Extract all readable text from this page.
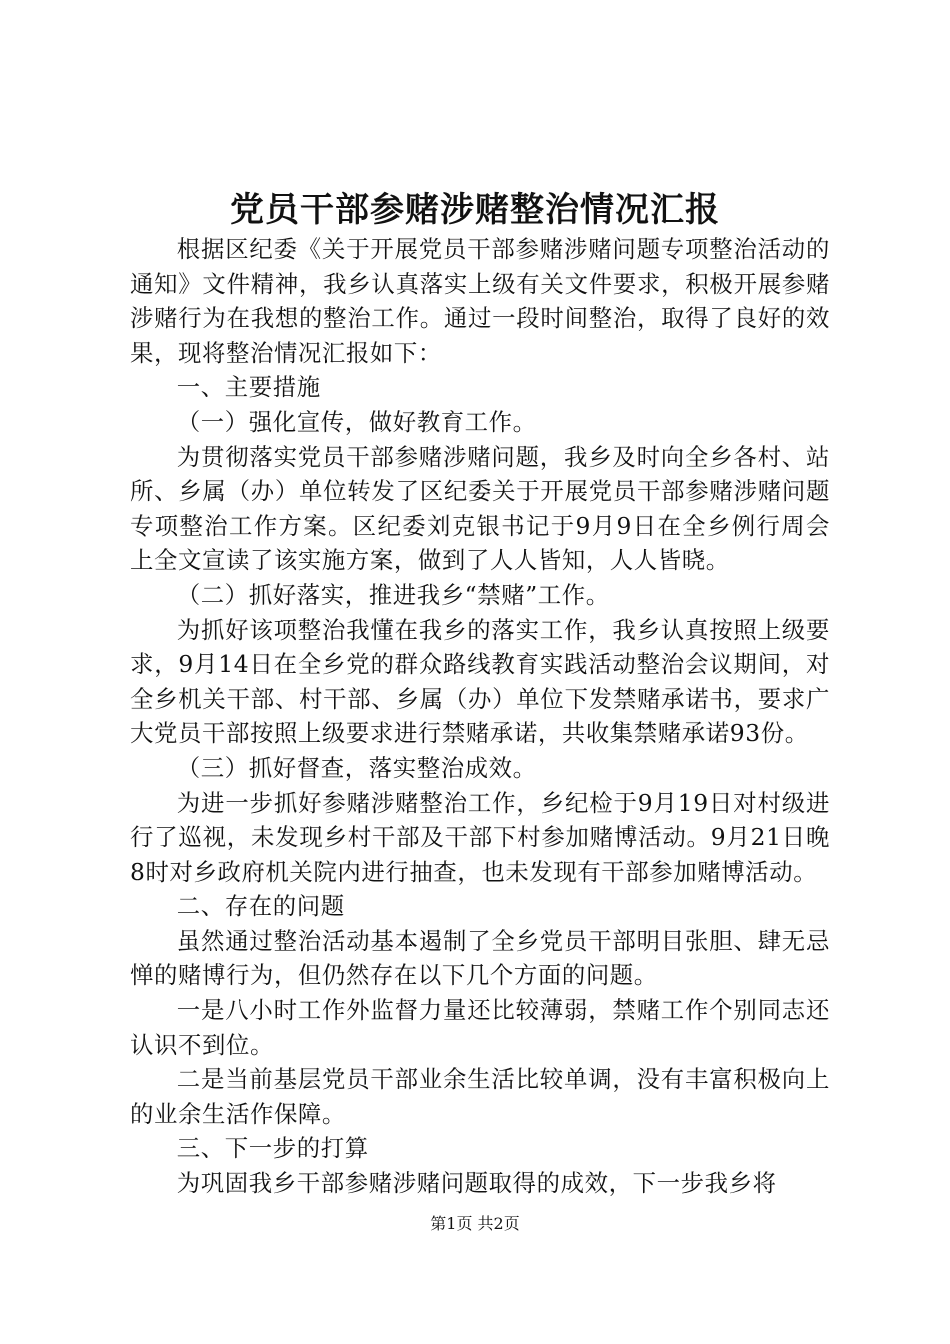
党员干部参赌涉赌整治情况汇报

根据区纪委《关于开展党员干部参赌涉赌问题专项整治活动的通知》文件精神，我乡认真落实上级有关文件要求，积极开展参赌涉赌行为在我想的整治工作。通过一段时间整治，取得了良好的效果，现将整治情况汇报如下：

一、主要措施

（一）强化宣传，做好教育工作。

为贯彻落实党员干部参赌涉赌问题，我乡及时向全乡各村、站所、乡属（办）单位转发了区纪委关于开展党员干部参赌涉赌问题专项整治工作方案。区纪委刘克银书记于9月9日在全乡例行周会上全文宣读了该实施方案，做到了人人皆知，人人皆晓。

（二）抓好落实，推进我乡“禁赌”工作。

为抓好该项整治我懂在我乡的落实工作，我乡认真按照上级要求，9月14日在全乡党的群众路线教育实践活动整治会议期间，对全乡机关干部、村干部、乡属（办）单位下发禁赌承诺书，要求广大党员干部按照上级要求进行禁赌承诺，共收集禁赌承诺93份。

（三）抓好督查，落实整治成效。

为进一步抓好参赌涉赌整治工作，乡纪检于9月19日对村级进行了巡视，未发现乡村干部及干部下村参加赌博活动。9月21日晚8时对乡政府机关院内进行抽查，也未发现有干部参加赌博活动。

二、存在的问题

虽然通过整治活动基本遏制了全乡党员干部明目张胆、肆无忌惮的赌博行为，但仍然存在以下几个方面的问题。

一是八小时工作外监督力量还比较薄弱，禁赌工作个别同志还认识不到位。

二是当前基层党员干部业余生活比较单调，没有丰富积极向上的业余生活作保障。

三、下一步的打算

为巩固我乡干部参赌涉赌问题取得的成效，下一步我乡将

第1页 共2页
